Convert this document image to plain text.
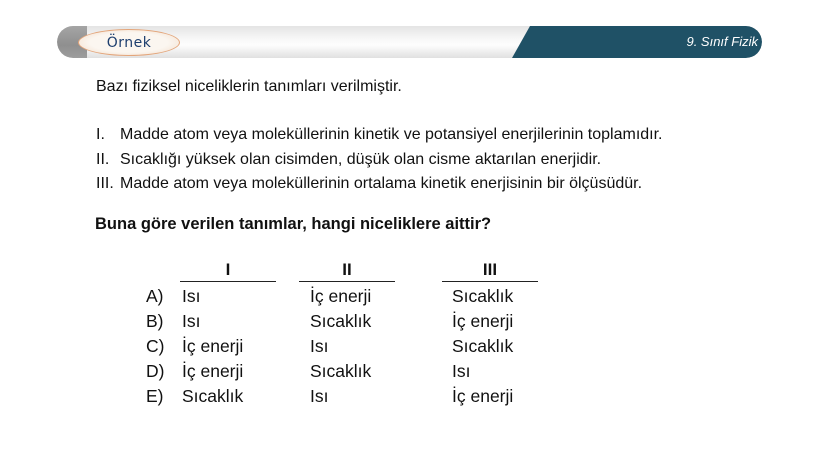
Örnek	9. Sınıf Fizik
Bazı fiziksel niceliklerin tanımları verilmiştir.
I. Madde atom veya moleküllerinin kinetik ve potansiyel enerjilerinin toplamıdır.
II. Sıcaklığı yüksek olan cisimden, düşük olan cisme aktarılan enerjidir.
III. Madde atom veya moleküllerinin ortalama kinetik enerjisinin bir ölçüsüdür.
Buna göre verilen tanımlar, hangi niceliklere aittir?
I	II	III
A) Isı	İç enerji	Sıcaklık
B) Isı	Sıcaklık	İç enerji
C) İç enerji	Isı	Sıcaklık
D) İç enerji	Sıcaklık	Isı
E) Sıcaklık	Isı	İç enerji
